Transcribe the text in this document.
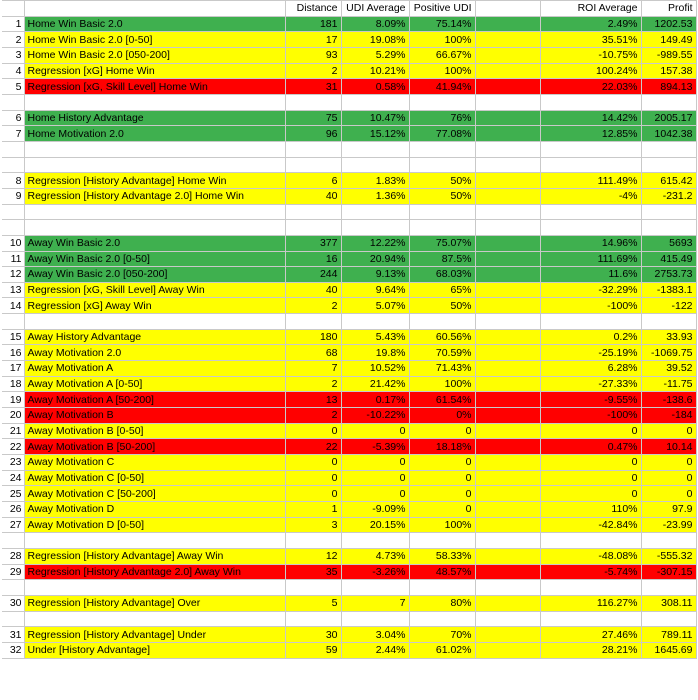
		Distance	UDI Average	Positive UDI		ROI Average	Profit
1	Home Win Basic 2.0	181	8.09%	75.14%		2.49%	1202.53
2	Home Win Basic 2.0 [0-50]	17	19.08%	100%		35.51%	149.49
3	Home Win Basic 2.0 [050-200]	93	5.29%	66.67%		-10.75%	-989.55
4	Regression [xG] Home Win	2	10.21%	100%		100.24%	157.38
5	Regression [xG, Skill Level] Home Win	31	0.58%	41.94%		22.03%	894.13

6	Home History Advantage	75	10.47%	76%		14.42%	2005.17
7	Home Motivation 2.0	96	15.12%	77.08%		12.85%	1042.38

8	Regression [History Advantage] Home Win	6	1.83%	50%		111.49%	615.42
9	Regression [History Advantage 2.0] Home Win	40	1.36%	50%		-4%	-231.2

10	Away Win Basic 2.0	377	12.22%	75.07%		14.96%	5693
11	Away Win Basic 2.0 [0-50]	16	20.94%	87.5%		111.69%	415.49
12	Away Win Basic 2.0 [050-200]	244	9.13%	68.03%		11.6%	2753.73
13	Regression [xG, Skill Level] Away Win	40	9.64%	65%		-32.29%	-1383.1
14	Regression [xG] Away Win	2	5.07%	50%		-100%	-122

15	Away History Advantage	180	5.43%	60.56%		0.2%	33.93
16	Away Motivation 2.0	68	19.8%	70.59%		-25.19%	-1069.75
17	Away Motivation A	7	10.52%	71.43%		6.28%	39.52
18	Away Motivation A [0-50]	2	21.42%	100%		-27.33%	-11.75
19	Away Motivation A [50-200]	13	0.17%	61.54%		-9.55%	-138.6
20	Away Motivation B	2	-10.22%	0%		-100%	-184
21	Away Motivation B [0-50]	0	0	0		0	0
22	Away Motivation B [50-200]	22	-5.39%	18.18%		0.47%	10.14
23	Away Motivation C	0	0	0		0	0
24	Away Motivation C [0-50]	0	0	0		0	0
25	Away Motivation C [50-200]	0	0	0		0	0
26	Away Motivation D	1	-9.09%	0		110%	97.9
27	Away Motivation D [0-50]	3	20.15%	100%		-42.84%	-23.99

28	Regression [History Advantage] Away Win	12	4.73%	58.33%		-48.08%	-555.32
29	Regression [History Advantage 2.0] Away Win	35	-3.26%	48.57%		-5.74%	-307.15

30	Regression [History Advantage] Over	5	7	80%		116.27%	308.11

31	Regression [History Advantage] Under	30	3.04%	70%		27.46%	789.11
32	Under [History Advantage]	59	2.44%	61.02%		28.21%	1645.69
